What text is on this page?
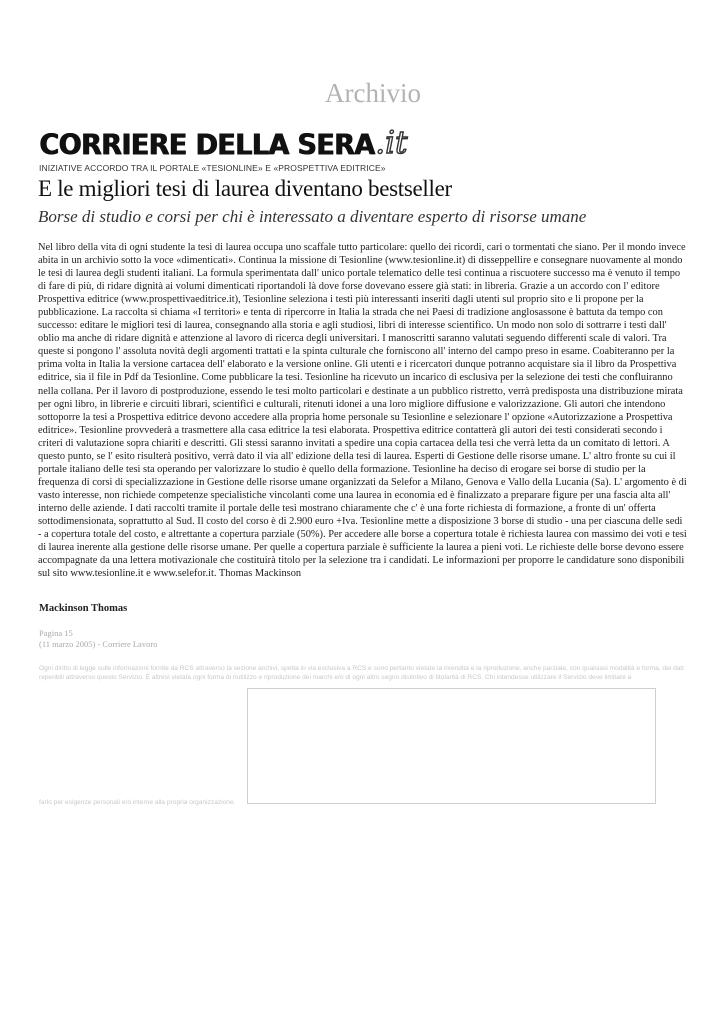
Archivio
CORRIERE DELLA SERA .it
INIZIATIVE ACCORDO TRA IL PORTALE «TESIONLINE» E «PROSPETTIVA EDITRICE»
E le migliori tesi di laurea diventano bestseller
Borse di studio e corsi per chi è interessato a diventare esperto di risorse umane

Nel libro della vita di ogni studente la tesi di laurea occupa uno scaffale tutto particolare: quello dei ricordi, cari o tormentati che siano. Per il mondo invece abita in un archivio sotto la voce «dimenticati». Continua la missione di Tesionline (www.tesionline.it) di disseppellire e consegnare nuovamente al mondo le tesi di laurea degli studenti italiani. La formula sperimentata dall' unico portale telematico delle tesi continua a riscuotere successo ma è venuto il tempo di fare di più, di ridare dignità ai volumi dimenticati riportandoli là dove forse dovevano essere già stati: in libreria. Grazie a un accordo con l' editore Prospettiva editrice (www.prospettivaeditrice.it), Tesionline seleziona i testi più interessanti inseriti dagli utenti sul proprio sito e li propone per la pubblicazione. La raccolta si chiama «I territori» e tenta di ripercorre in Italia la strada che nei Paesi di tradizione anglosassone è battuta da tempo con successo: editare le migliori tesi di laurea, consegnando alla storia e agli studiosi, libri di interesse scientifico. Un modo non solo di sottrarre i testi dall' oblio ma anche di ridare dignità e attenzione al lavoro di ricerca degli universitari. I manoscritti saranno valutati seguendo differenti scale di valori. Tra queste si pongono l' assoluta novità degli argomenti trattati e la spinta culturale che forniscono all' interno del campo preso in esame. Coabiteranno per la prima volta in Italia la versione cartacea dell' elaborato e la versione online. Gli utenti e i ricercatori dunque potranno acquistare sia il libro da Prospettiva editrice, sia il file in Pdf da Tesionline. Come pubblicare la tesi. Tesionline ha ricevuto un incarico di esclusiva per la selezione dei testi che confluiranno nella collana. Per il lavoro di postproduzione, essendo le tesi molto particolari e destinate a un pubblico ristretto, verrà predisposta una distribuzione mirata per ogni libro, in librerie e circuiti librari, scientifici e culturali, ritenuti idonei a una loro migliore diffusione e valorizzazione. Gli autori che intendono sottoporre la tesi a Prospettiva editrice devono accedere alla propria home personale su Tesionline e selezionare l' opzione «Autorizzazione a Prospettiva editrice». Tesionline provvederà a trasmettere alla casa editrice la tesi elaborata. Prospettiva editrice contatterà gli autori dei testi considerati secondo i criteri di valutazione sopra chiariti e descritti. Gli stessi saranno invitati a spedire una copia cartacea della tesi che verrà letta da un comitato di lettori. A questo punto, se l' esito risulterà positivo, verrà dato il via all' edizione della tesi di laurea. Esperti di Gestione delle risorse umane. L' altro fronte su cui il portale italiano delle tesi sta operando per valorizzare lo studio è quello della formazione. Tesionline ha deciso di erogare sei borse di studio per la frequenza di corsi di specializzazione in Gestione delle risorse umane organizzati da Selefor a Milano, Genova e Vallo della Lucania (Sa). L' argomento è di vasto interesse, non richiede competenze specialistiche vincolanti come una laurea in economia ed è finalizzato a preparare figure per una fascia alta all' interno delle aziende. I dati raccolti tramite il portale delle tesi mostrano chiaramente che c' è una forte richiesta di formazione, a fronte di un' offerta sottodimensionata, soprattutto al Sud. Il costo del corso è di 2.900 euro +Iva. Tesionline mette a disposizione 3 borse di studio - una per ciascuna delle sedi - a copertura totale del costo, e altrettante a copertura parziale (50%). Per accedere alle borse a copertura totale è richiesta laurea con massimo dei voti e tesi di laurea inerente alla gestione delle risorse umane. Per quelle a copertura parziale è sufficiente la laurea a pieni voti. Le richieste delle borse devono essere accompagnate da una lettera motivazionale che costituirà titolo per la selezione tra i candidati. Le informazioni per proporre le candidature sono disponibili sul sito www.tesionline.it e www.selefor.it. Thomas Mackinson

Mackinson Thomas
Pagina 15
(11 marzo 2005) - Corriere Lavoro
Ogni diritto di legge sulle informazioni fornite da RCS attraverso la sezione archivi, spetta in via esclusiva a RCS e sono pertanto vietate la rivendita e la riproduzione, anche parziale, con qualsiasi modalità e forma, dei dati reperibili attraverso questo Servizio. È altresì vietata ogni forma di riutilizzo e riproduzione dei marchi e/o di ogni altro segno distintivo di titolarità di RCS. Chi intendesse utilizzare il Servizio deve limitare a
farlo per esigenze personali e/o interne alla propria organizzazione.
